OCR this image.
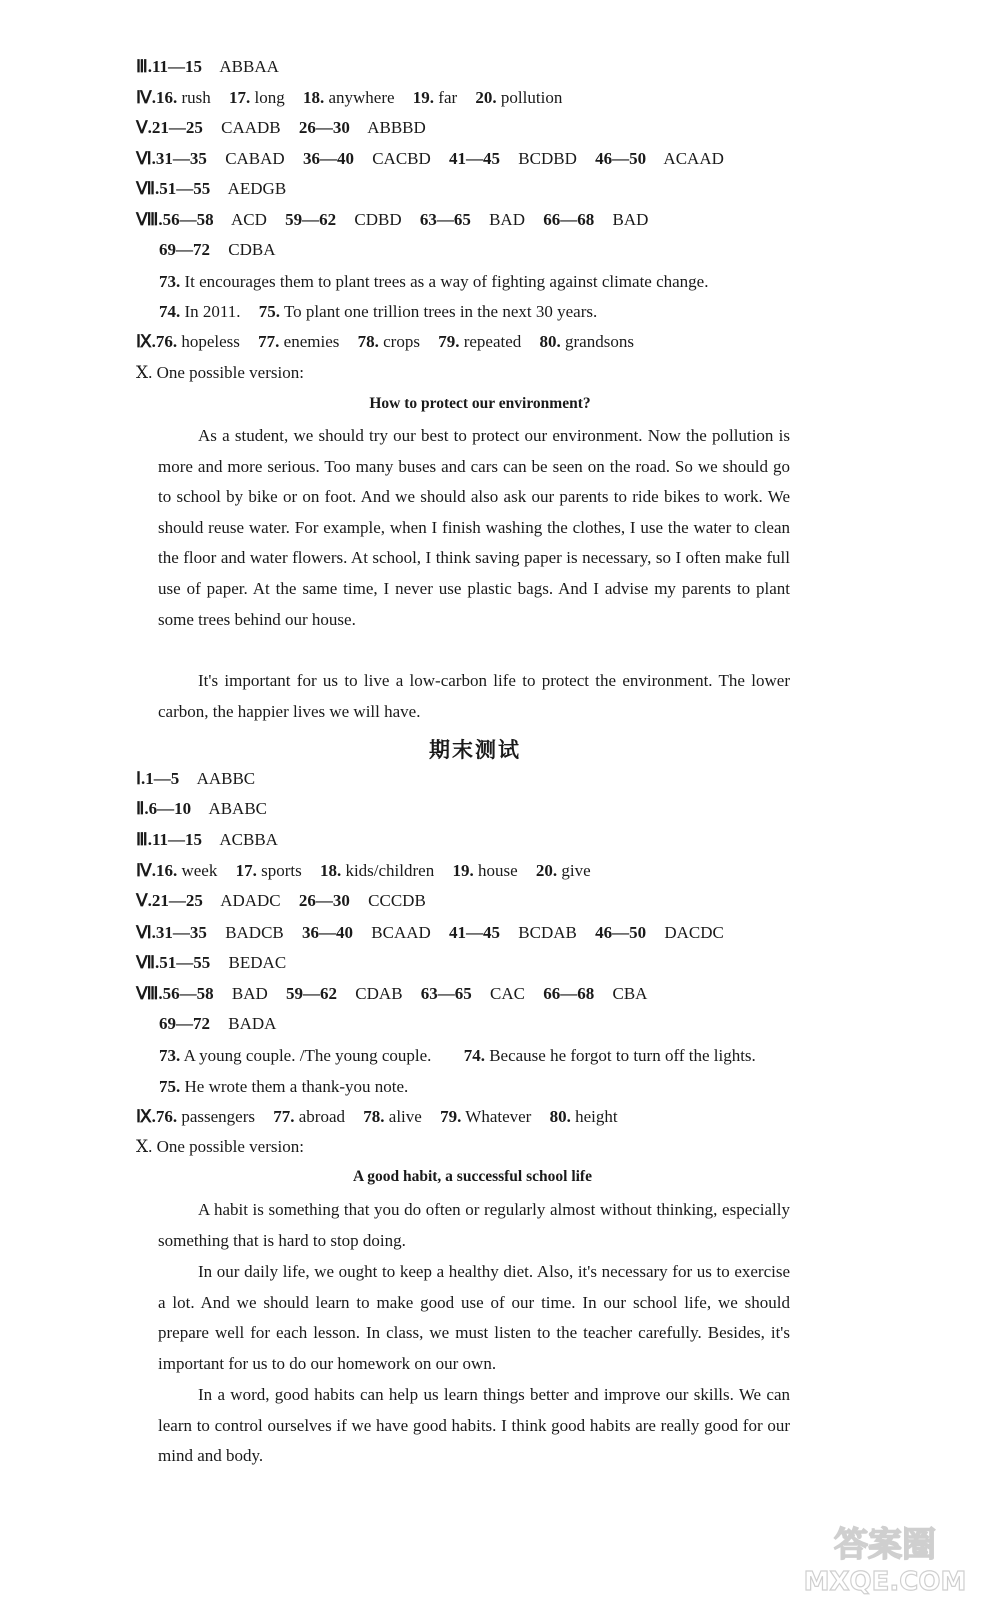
Ⅲ.11—15 ABBAA
Ⅳ.16. rush 17. long 18. anywhere 19. far 20. pollution
Ⅴ.21—25 CAADB 26—30 ABBBD
Ⅵ.31—35 CABAD 36—40 CACBD 41—45 BCDBD 46—50 ACAAD
Ⅶ.51—55 AEDGB
Ⅷ.56—58 ACD 59—62 CDBD 63—65 BAD 66—68 BAD
69—72 CDBA
73. It encourages them to plant trees as a way of fighting against climate change.
74. In 2011. 75. To plant one trillion trees in the next 30 years.
Ⅸ.76. hopeless 77. enemies 78. crops 79. repeated 80. grandsons
Ⅹ. One possible version:
How to protect our environment?
As a student, we should try our best to protect our environment. Now the pollution is more and more serious. Too many buses and cars can be seen on the road. So we should go to school by bike or on foot. And we should also ask our parents to ride bikes to work. We should reuse water. For example, when I finish washing the clothes, I use the water to clean the floor and water flowers. At school, I think saving paper is necessary, so I often make full use of paper. At the same time, I never use plastic bags. And I advise my parents to plant some trees behind our house.
It's important for us to live a low-carbon life to protect the environment. The lower carbon, the happier lives we will have.
期末测试
Ⅰ.1—5 AABBC
Ⅱ.6—10 ABABC
Ⅲ.11—15 ACBBA
Ⅳ.16. week 17. sports 18. kids/children 19. house 20. give
Ⅴ.21—25 ADADC 26—30 CCCDB
Ⅵ.31—35 BADCB 36—40 BCAAD 41—45 BCDAB 46—50 DACDC
Ⅶ.51—55 BEDAC
Ⅷ.56—58 BAD 59—62 CDAB 63—65 CAC 66—68 CBA
69—72 BADA
73. A young couple. /The young couple. 74. Because he forgot to turn off the lights.
75. He wrote them a thank-you note.
Ⅸ.76. passengers 77. abroad 78. alive 79. Whatever 80. height
Ⅹ. One possible version:
A good habit, a successful school life
A habit is something that you do often or regularly almost without thinking, especially something that is hard to stop doing.
In our daily life, we ought to keep a healthy diet. Also, it's necessary for us to exercise a lot. And we should learn to make good use of our time. In our school life, we should prepare well for each lesson. In class, we must listen to the teacher carefully. Besides, it's important for us to do our homework on our own.
In a word, good habits can help us learn things better and improve our skills. We can learn to control ourselves if we have good habits. I think good habits are really good for our mind and body.
答案圈
MXQE.COM
